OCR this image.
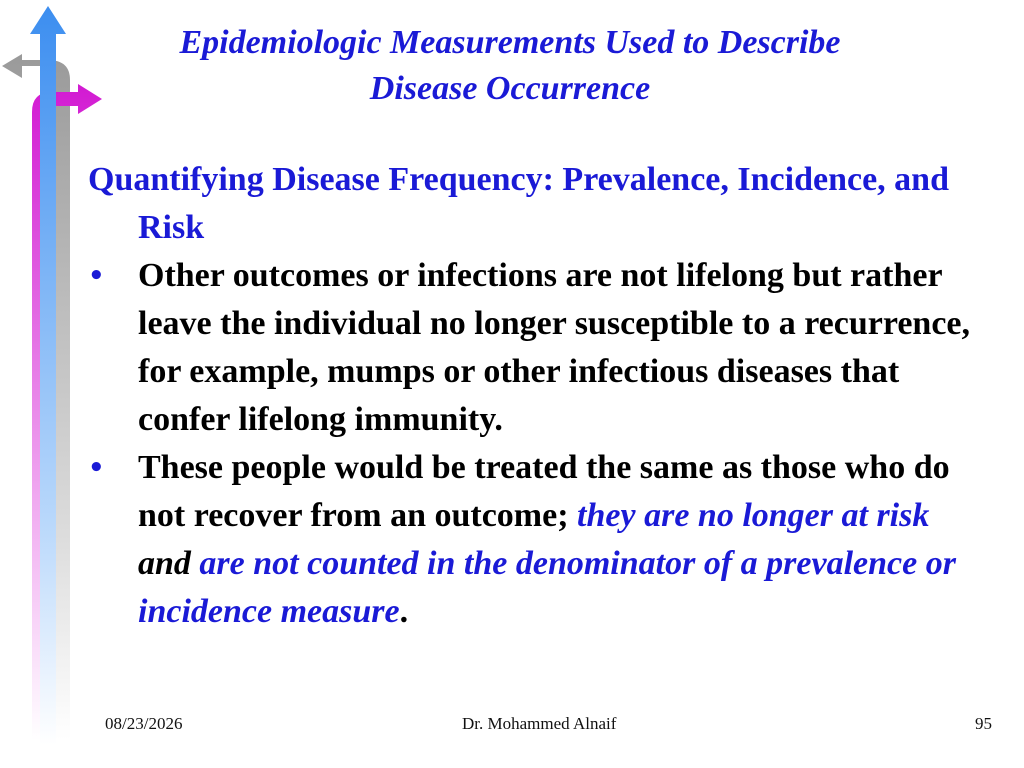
Epidemiologic Measurements Used to Describe
Disease Occurrence
Quantifying Disease Frequency: Prevalence, Incidence, and Risk
• Other outcomes or infections are not lifelong but rather leave the individual no longer susceptible to a recurrence, for example, mumps or other infectious diseases that confer lifelong immunity.
• These people would be treated the same as those who do not recover from an outcome; they are no longer at risk and are not counted in the denominator of a prevalence or incidence measure.
08/23/2026	Dr. Mohammed Alnaif	95
